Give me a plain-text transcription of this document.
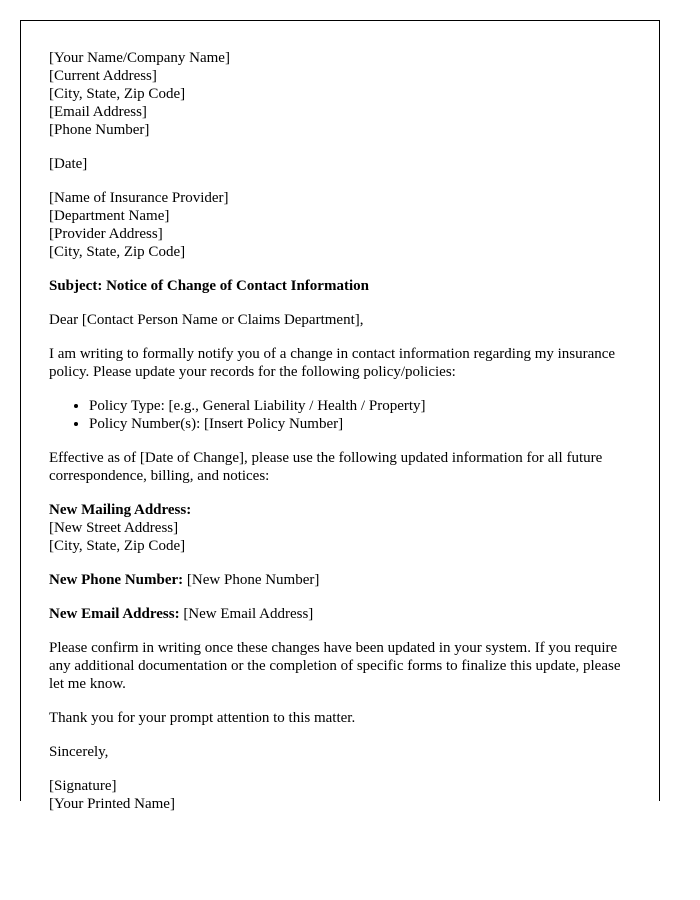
[Your Name/Company Name]
[Current Address]
[City, State, Zip Code]
[Email Address]
[Phone Number]
[Date]
[Name of Insurance Provider]
[Department Name]
[Provider Address]
[City, State, Zip Code]
Subject: Notice of Change of Contact Information
Dear [Contact Person Name or Claims Department],
I am writing to formally notify you of a change in contact information regarding my insurance policy. Please update your records for the following policy/policies:
• Policy Type: [e.g., General Liability / Health / Property]
• Policy Number(s): [Insert Policy Number]
Effective as of [Date of Change], please use the following updated information for all future correspondence, billing, and notices:
New Mailing Address:
[New Street Address]
[City, State, Zip Code]
New Phone Number: [New Phone Number]
New Email Address: [New Email Address]
Please confirm in writing once these changes have been updated in your system. If you require any additional documentation or the completion of specific forms to finalize this update, please let me know.
Thank you for your prompt attention to this matter.
Sincerely,
[Signature]
[Your Printed Name]
